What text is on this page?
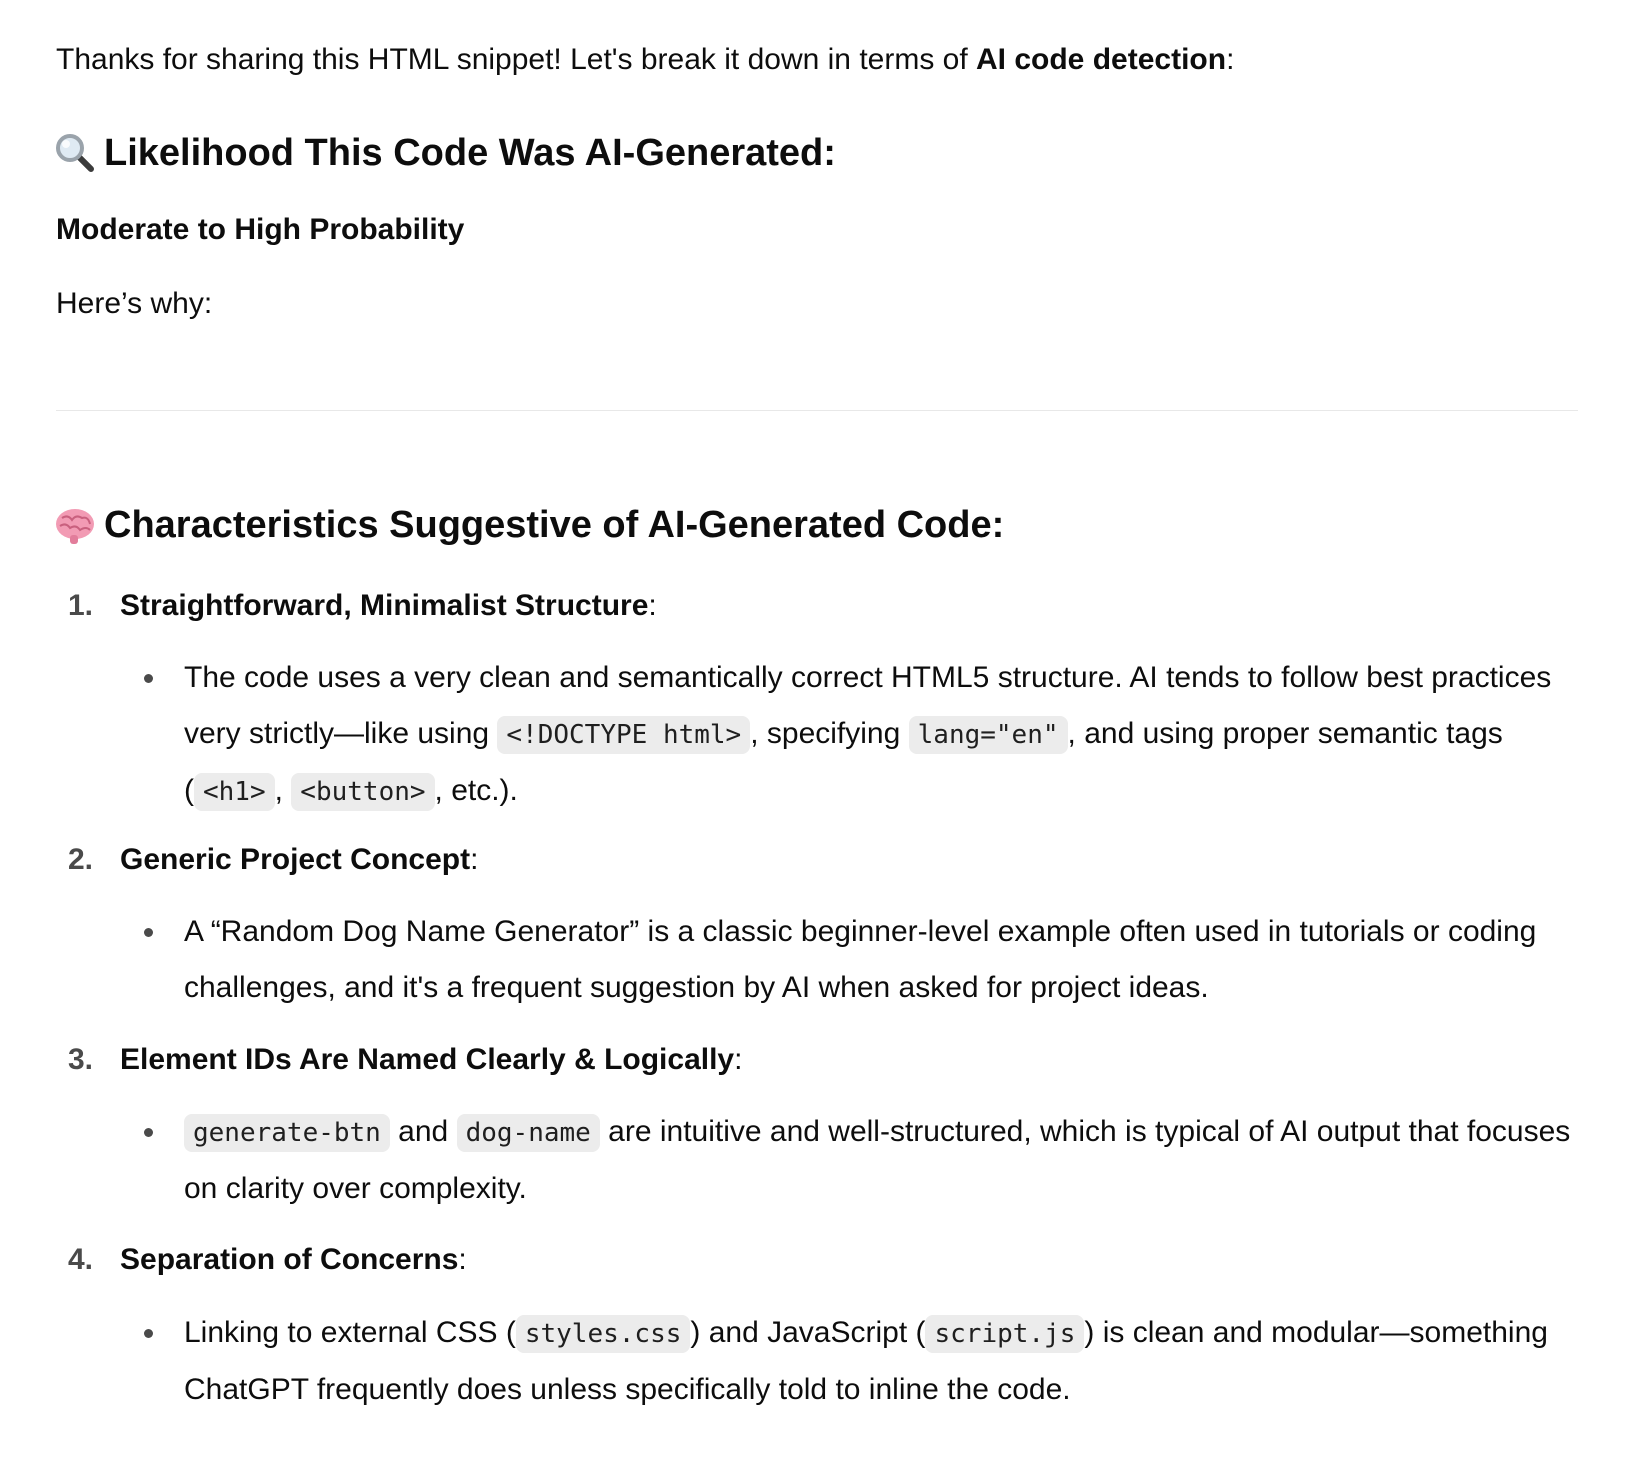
Thanks for sharing this HTML snippet! Let's break it down in terms of AI code detection:
Likelihood This Code Was AI-Generated:
Moderate to High Probability
Here’s why:
Characteristics Suggestive of AI-Generated Code:
1. Straightforward, Minimalist Structure:
The code uses a very clean and semantically correct HTML5 structure. AI tends to follow best practices very strictly—like using <!DOCTYPE html> , specifying lang="en" , and using proper semantic tags ( <h1> , <button> , etc.).
2. Generic Project Concept:
A “Random Dog Name Generator” is a classic beginner-level example often used in tutorials or coding challenges, and it's a frequent suggestion by AI when asked for project ideas.
3. Element IDs Are Named Clearly & Logically:
generate-btn and dog-name are intuitive and well-structured, which is typical of AI output that focuses on clarity over complexity.
4. Separation of Concerns:
Linking to external CSS ( styles.css ) and JavaScript ( script.js ) is clean and modular—something ChatGPT frequently does unless specifically told to inline the code.
